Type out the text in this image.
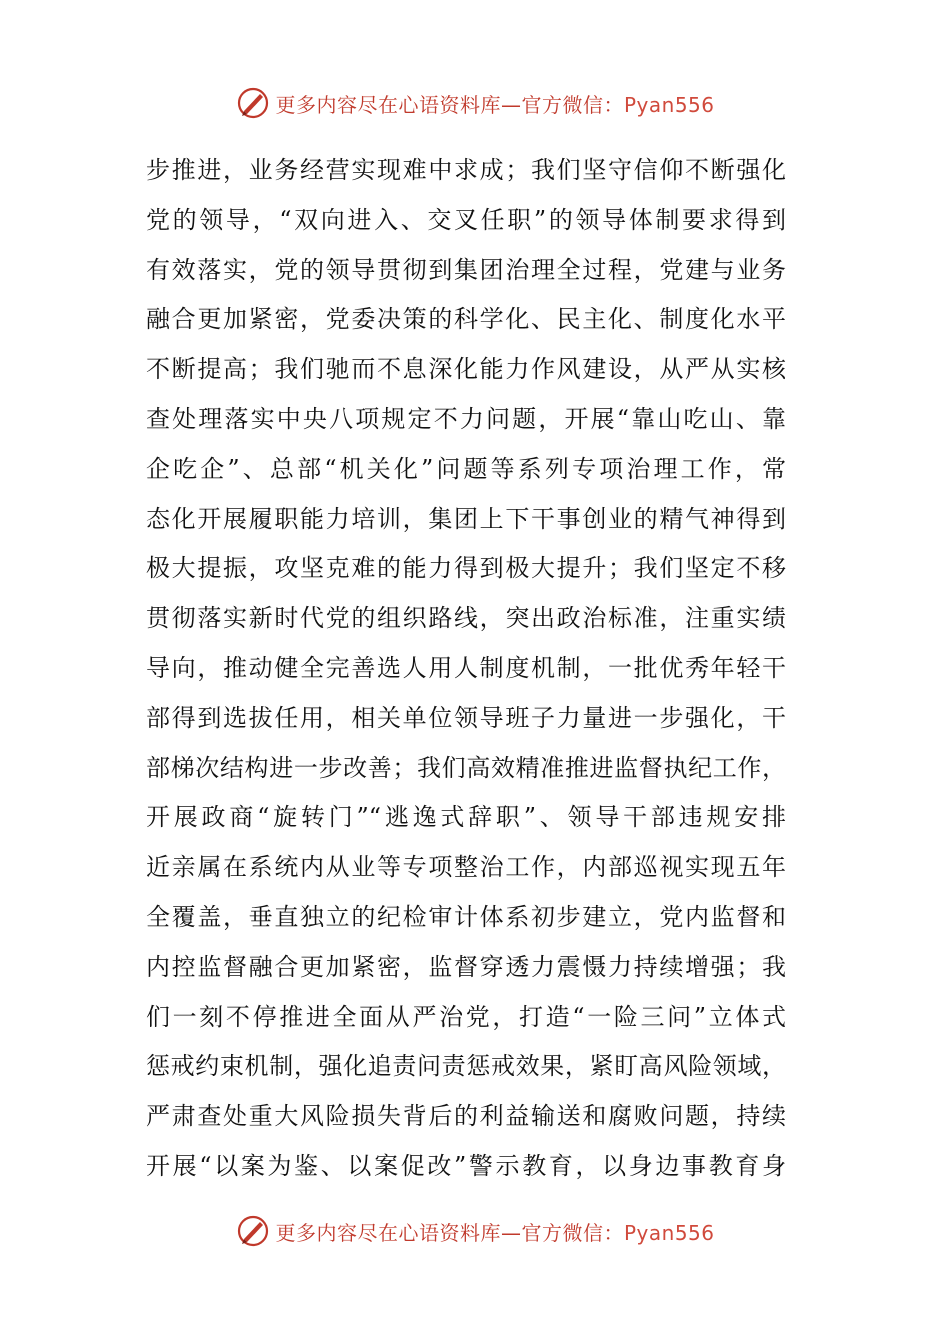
更多内容尽在心语资料库—官方微信：Pyan556
步推进，业务经营实现难中求成；我们坚守信仰不断强化
党的领导，“双向进入、交叉任职”的领导体制要求得到
有效落实，党的领导贯彻到集团治理全过程，党建与业务
融合更加紧密，党委决策的科学化、民主化、制度化水平
不断提高；我们驰而不息深化能力作风建设，从严从实核
查处理落实中央八项规定不力问题，开展“靠山吃山、靠
企吃企”、总部“机关化”问题等系列专项治理工作，常
态化开展履职能力培训，集团上下干事创业的精气神得到
极大提振，攻坚克难的能力得到极大提升；我们坚定不移
贯彻落实新时代党的组织路线，突出政治标准，注重实绩
导向，推动健全完善选人用人制度机制，一批优秀年轻干
部得到选拔任用，相关单位领导班子力量进一步强化，干
部梯次结构进一步改善；我们高效精准推进监督执纪工作，
开展政商“旋转门”“逃逸式辞职”、领导干部违规安排
近亲属在系统内从业等专项整治工作，内部巡视实现五年
全覆盖，垂直独立的纪检审计体系初步建立，党内监督和
内控监督融合更加紧密，监督穿透力震慑力持续增强；我
们一刻不停推进全面从严治党，打造“一险三问”立体式
惩戒约束机制，强化追责问责惩戒效果，紧盯高风险领域，
严肃查处重大风险损失背后的利益输送和腐败问题，持续
开展“以案为鉴、以案促改”警示教育，以身边事教育身
更多内容尽在心语资料库—官方微信：Pyan556
